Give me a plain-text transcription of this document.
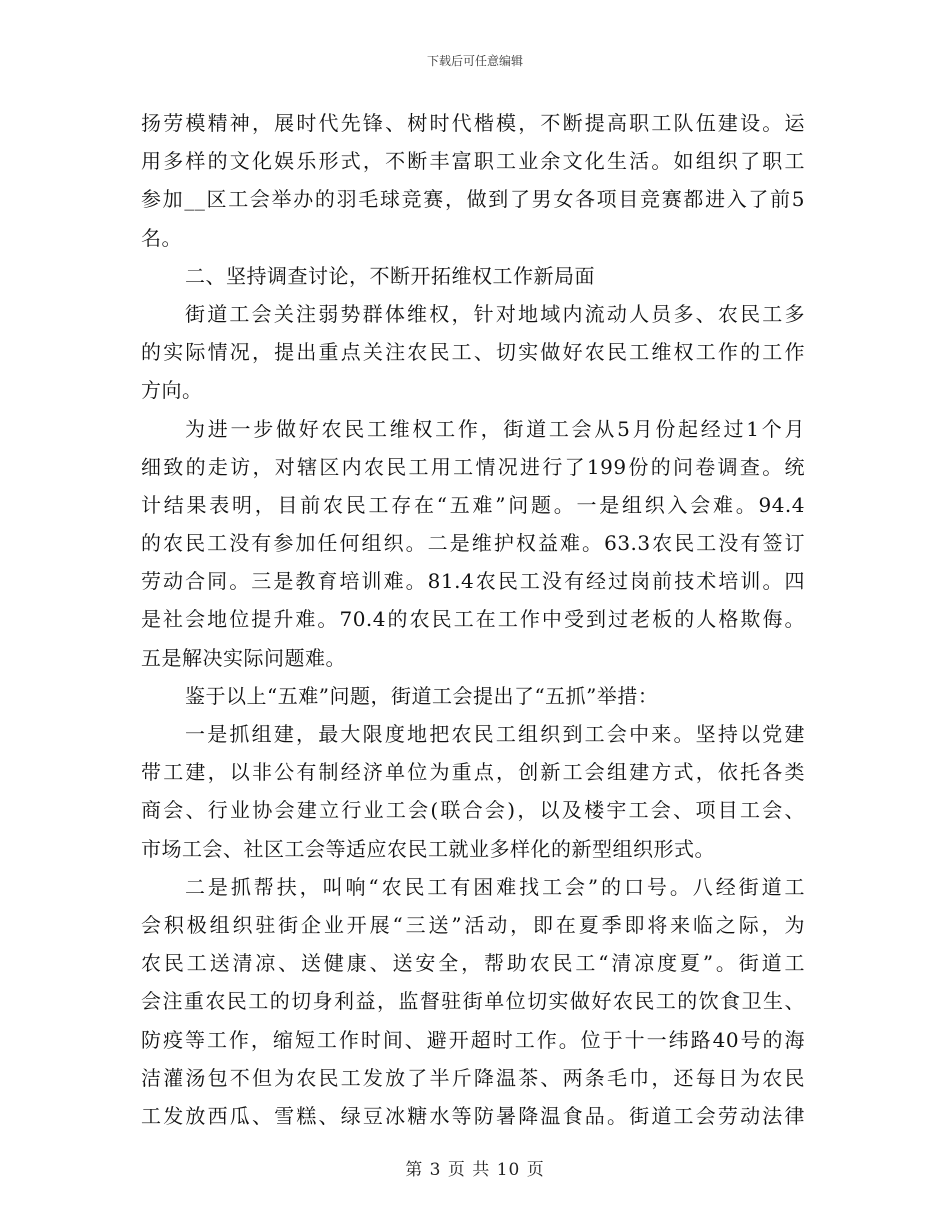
下载后可任意编辑
扬劳模精神，展时代先锋、树时代楷模，不断提高职工队伍建设。运
用多样的文化娱乐形式，不断丰富职工业余文化生活。如组织了职工
参加__区工会举办的羽毛球竞赛，做到了男女各项目竞赛都进入了前5
名。
二、坚持调查讨论，不断开拓维权工作新局面
街道工会关注弱势群体维权，针对地域内流动人员多、农民工多
的实际情况，提出重点关注农民工、切实做好农民工维权工作的工作
方向。
为进一步做好农民工维权工作，街道工会从5月份起经过1个月
细致的走访，对辖区内农民工用工情况进行了199份的问卷调查。统
计结果表明，目前农民工存在“五难”问题。一是组织入会难。94.4
的农民工没有参加任何组织。二是维护权益难。63.3农民工没有签订
劳动合同。三是教育培训难。81.4农民工没有经过岗前技术培训。四
是社会地位提升难。70.4的农民工在工作中受到过老板的人格欺侮。
五是解决实际问题难。
鉴于以上“五难”问题，街道工会提出了“五抓”举措：
一是抓组建，最大限度地把农民工组织到工会中来。坚持以党建
带工建，以非公有制经济单位为重点，创新工会组建方式，依托各类
商会、行业协会建立行业工会(联合会)，以及楼宇工会、项目工会、
市场工会、社区工会等适应农民工就业多样化的新型组织形式。
二是抓帮扶，叫响“农民工有困难找工会”的口号。八经街道工
会积极组织驻街企业开展“三送”活动，即在夏季即将来临之际，为
农民工送清凉、送健康、送安全，帮助农民工“清凉度夏”。街道工
会注重农民工的切身利益，监督驻街单位切实做好农民工的饮食卫生、
防疫等工作，缩短工作时间、避开超时工作。位于十一纬路40号的海
洁灌汤包不但为农民工发放了半斤降温茶、两条毛巾，还每日为农民
工发放西瓜、雪糕、绿豆冰糖水等防暑降温食品。街道工会劳动法律
第 3 页 共 10 页
